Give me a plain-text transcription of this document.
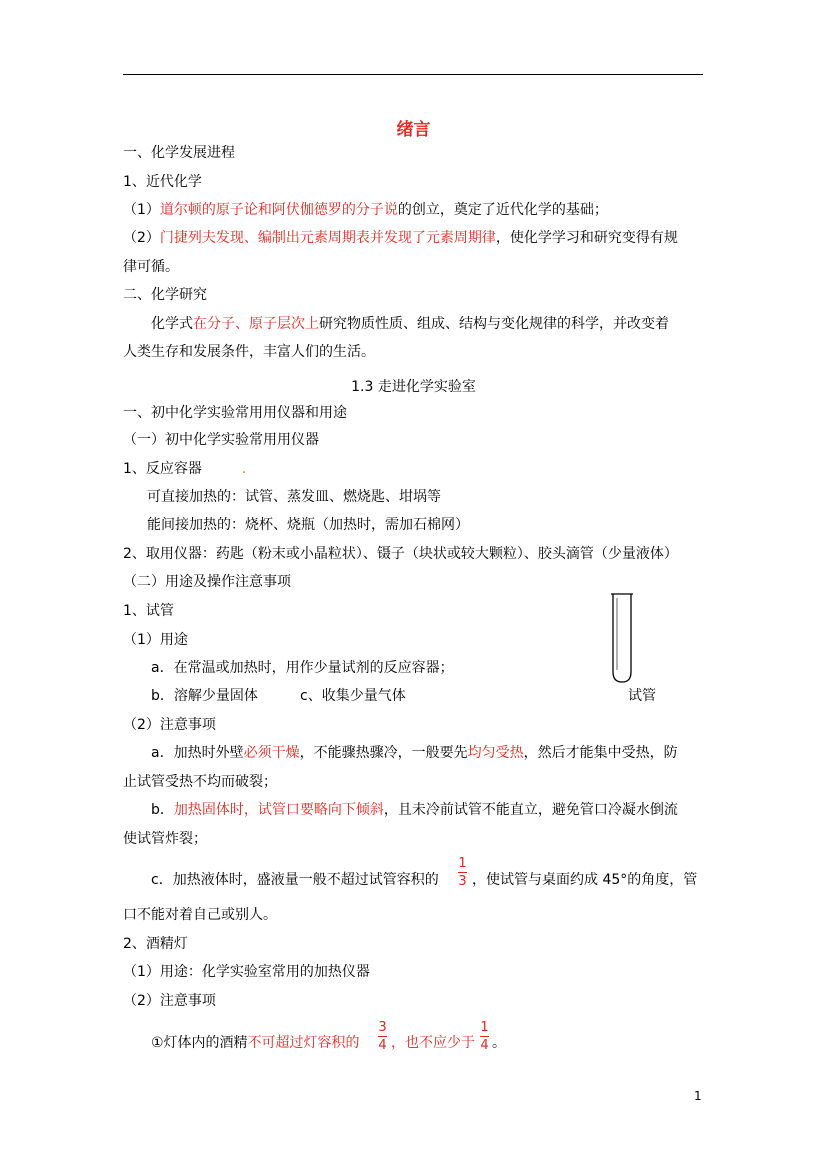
绪言
一、化学发展进程
1、近代化学
（1）道尔顿的原子论和阿伏伽德罗的分子说的创立，奠定了近代化学的基础；
（2）门捷列夫发现、编制出元素周期表并发现了元素周期律，使化学学习和研究变得有规
律可循。
二、化学研究
化学式在分子、原子层次上研究物质性质、组成、结构与变化规律的科学，并改变着
人类生存和发展条件，丰富人们的生活。
1.3 走进化学实验室
一、初中化学实验常用用仪器和用途
（一）初中化学实验常用用仪器
1、反应容器	.
可直接加热的：试管、蒸发皿、燃烧匙、坩埚等
能间接加热的：烧杯、烧瓶（加热时，需加石棉网）
2、取用仪器：药匙（粉末或小晶粒状）、镊子（块状或较大颗粒）、胶头滴管（少量液体）
（二）用途及操作注意事项
1、试管
（1）用途
a．在常温或加热时，用作少量试剂的反应容器；
b．溶解少量固体	c、收集少量气体	试管
（2）注意事项
a．加热时外壁必须干燥，不能骤热骤冷，一般要先均匀受热，然后才能集中受热，防
止试管受热不均而破裂；
b．加热固体时，试管口要略向下倾斜，且未冷前试管不能直立，避免管口冷凝水倒流
使试管炸裂；
c．加热液体时，盛液量一般不超过试管容积的
1
3 ，使试管与桌面约成 45°的角度，管
口不能对着自己或别人。
2、酒精灯
（1）用途：化学实验室常用的加热仪器
（2）注意事项
①灯体内的酒精不可超过灯容积的
3
4 ，也不应少于
1
4 。
1
